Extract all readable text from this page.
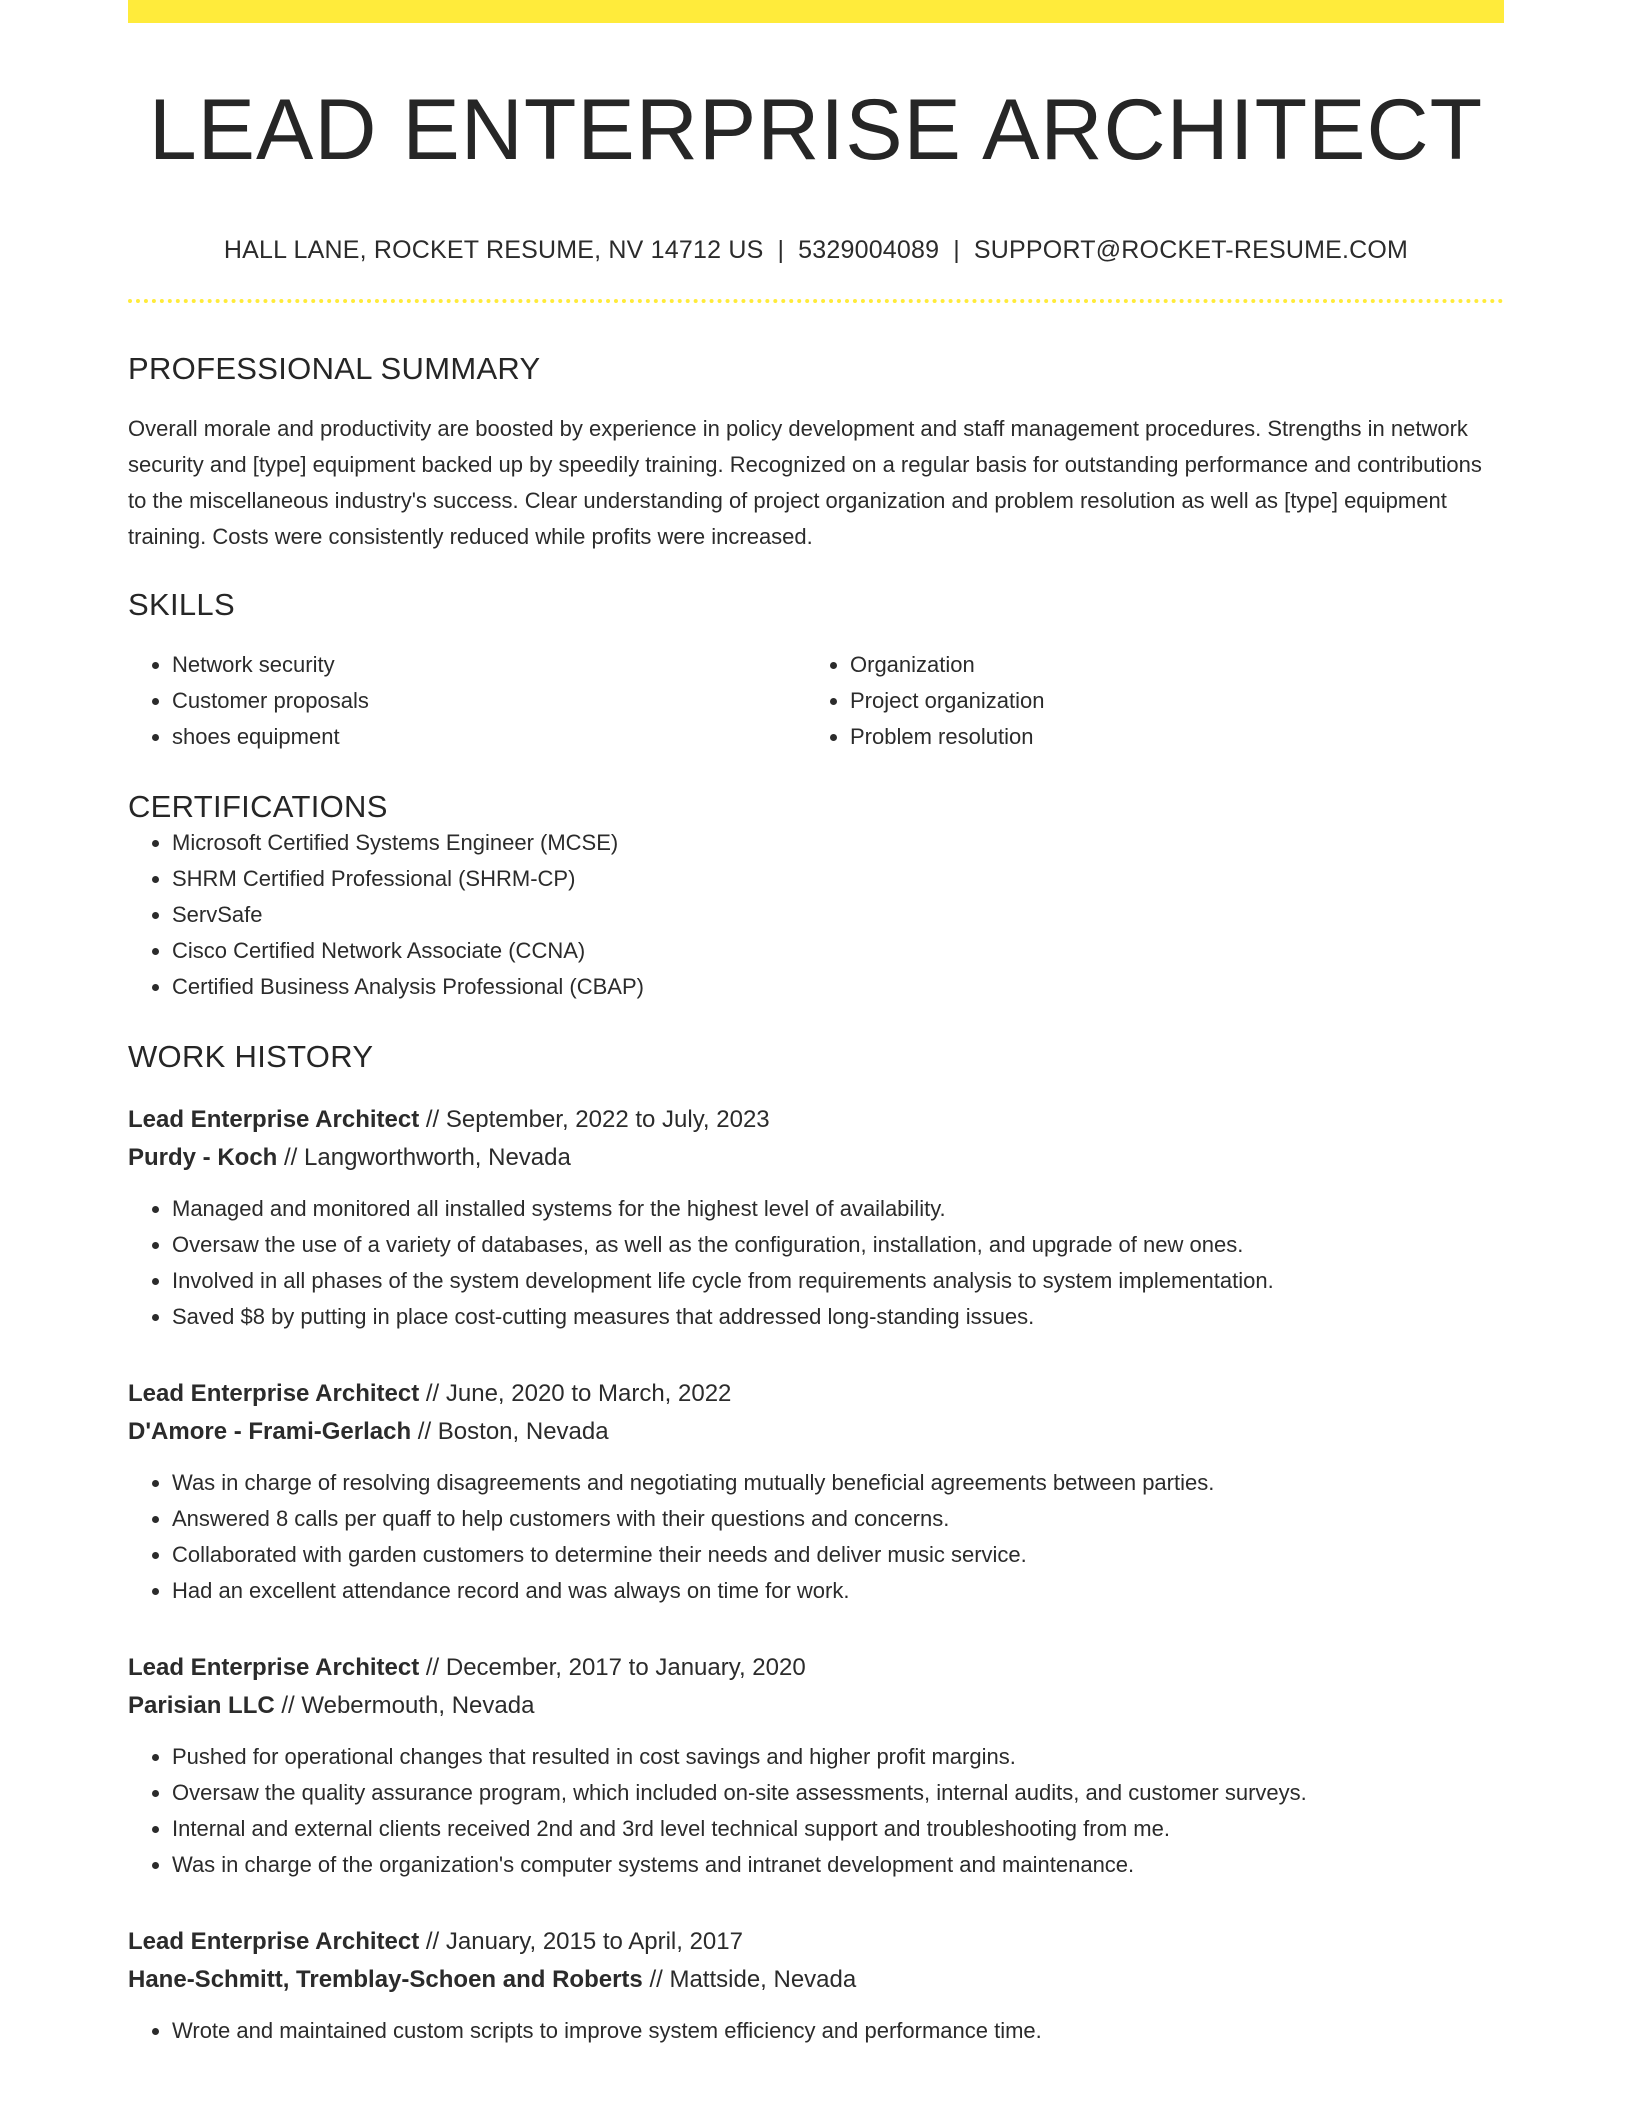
LEAD ENTERPRISE ARCHITECT
HALL LANE, ROCKET RESUME, NV 14712 US | 5329004089 | SUPPORT@ROCKET-RESUME.COM
PROFESSIONAL SUMMARY
Overall morale and productivity are boosted by experience in policy development and staff management procedures. Strengths in network security and [type] equipment backed up by speedily training. Recognized on a regular basis for outstanding performance and contributions to the miscellaneous industry's success. Clear understanding of project organization and problem resolution as well as [type] equipment training. Costs were consistently reduced while profits were increased.
SKILLS
• Network security
• Customer proposals
• shoes equipment
• Organization
• Project organization
• Problem resolution
CERTIFICATIONS
• Microsoft Certified Systems Engineer (MCSE)
• SHRM Certified Professional (SHRM-CP)
• ServSafe
• Cisco Certified Network Associate (CCNA)
• Certified Business Analysis Professional (CBAP)
WORK HISTORY
Lead Enterprise Architect // September, 2022 to July, 2023
Purdy - Koch // Langworthworth, Nevada
• Managed and monitored all installed systems for the highest level of availability.
• Oversaw the use of a variety of databases, as well as the configuration, installation, and upgrade of new ones.
• Involved in all phases of the system development life cycle from requirements analysis to system implementation.
• Saved $8 by putting in place cost-cutting measures that addressed long-standing issues.
Lead Enterprise Architect // June, 2020 to March, 2022
D'Amore - Frami-Gerlach // Boston, Nevada
• Was in charge of resolving disagreements and negotiating mutually beneficial agreements between parties.
• Answered 8 calls per quaff to help customers with their questions and concerns.
• Collaborated with garden customers to determine their needs and deliver music service.
• Had an excellent attendance record and was always on time for work.
Lead Enterprise Architect // December, 2017 to January, 2020
Parisian LLC // Webermouth, Nevada
• Pushed for operational changes that resulted in cost savings and higher profit margins.
• Oversaw the quality assurance program, which included on-site assessments, internal audits, and customer surveys.
• Internal and external clients received 2nd and 3rd level technical support and troubleshooting from me.
• Was in charge of the organization's computer systems and intranet development and maintenance.
Lead Enterprise Architect // January, 2015 to April, 2017
Hane-Schmitt, Tremblay-Schoen and Roberts // Mattside, Nevada
• Wrote and maintained custom scripts to improve system efficiency and performance time.
